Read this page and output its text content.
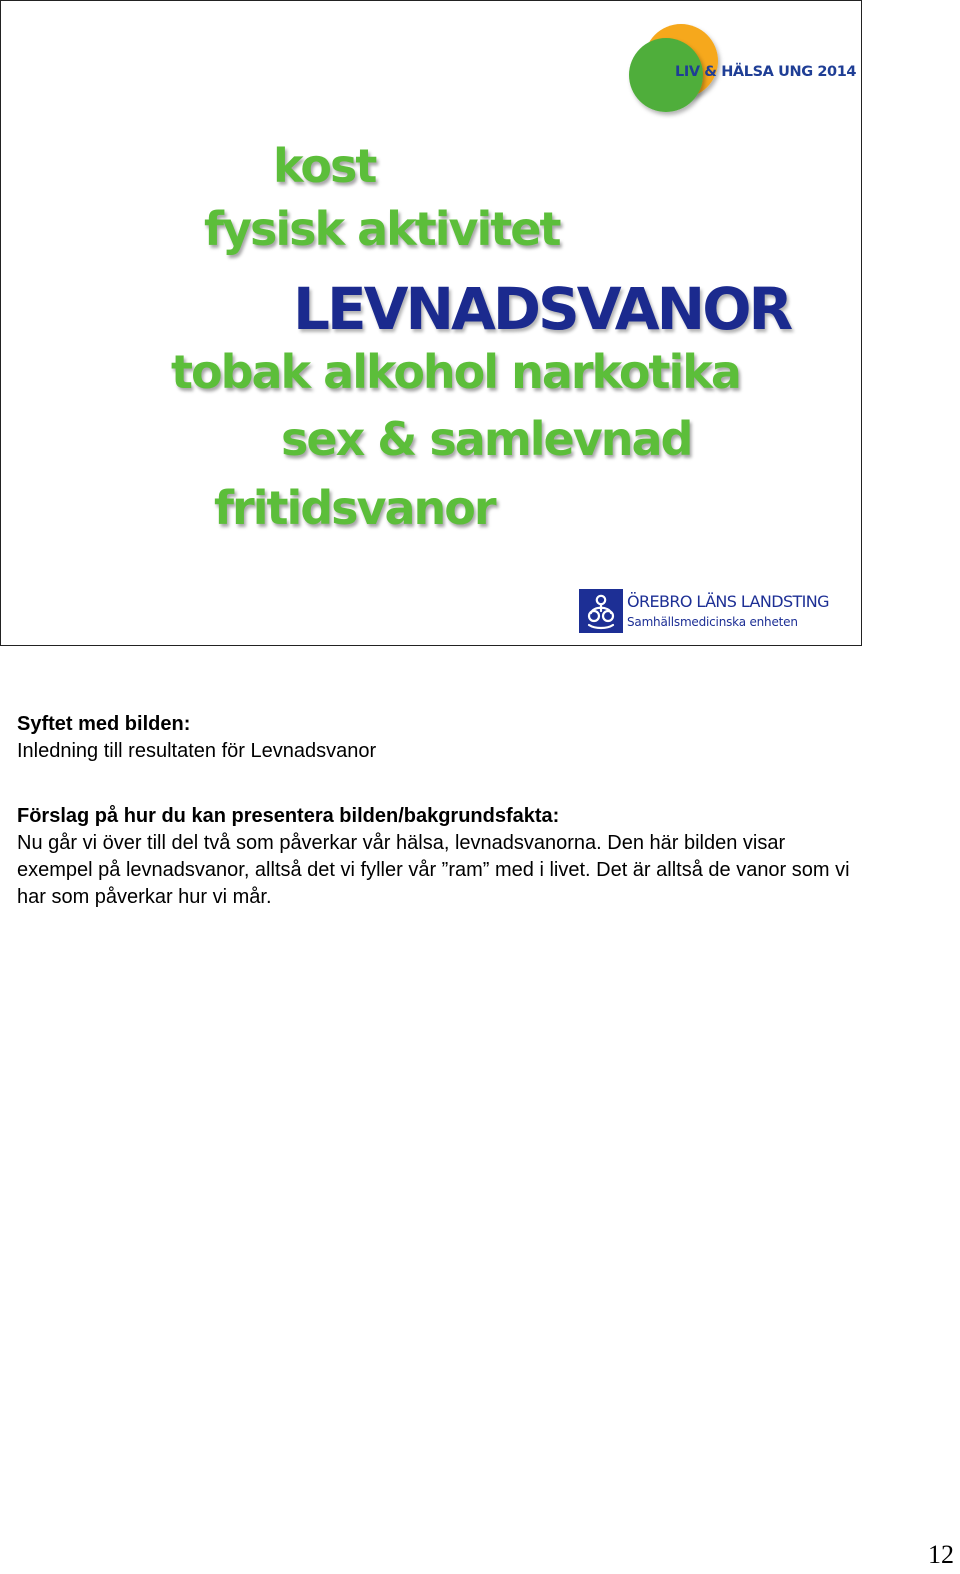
LIV & HÄLSA UNG 2014
kost
fysisk aktivitet
LEVNADSVANOR
tobak alkohol narkotika
sex & samlevnad
fritidsvanor
ÖREBRO LÄNS LANDSTING
Samhällsmedicinska enheten

Syftet med bilden:

Inledning till resultaten för Levnadsvanor

Förslag på hur du kan presentera bilden/bakgrundsfakta:

Nu går vi över till del två som påverkar vår hälsa, levnadsvanorna. Den här bilden visar exempel på levnadsvanor, alltså det vi fyller vår ”ram” med i livet. Det är alltså de vanor som vi har som påverkar hur vi mår.

12
